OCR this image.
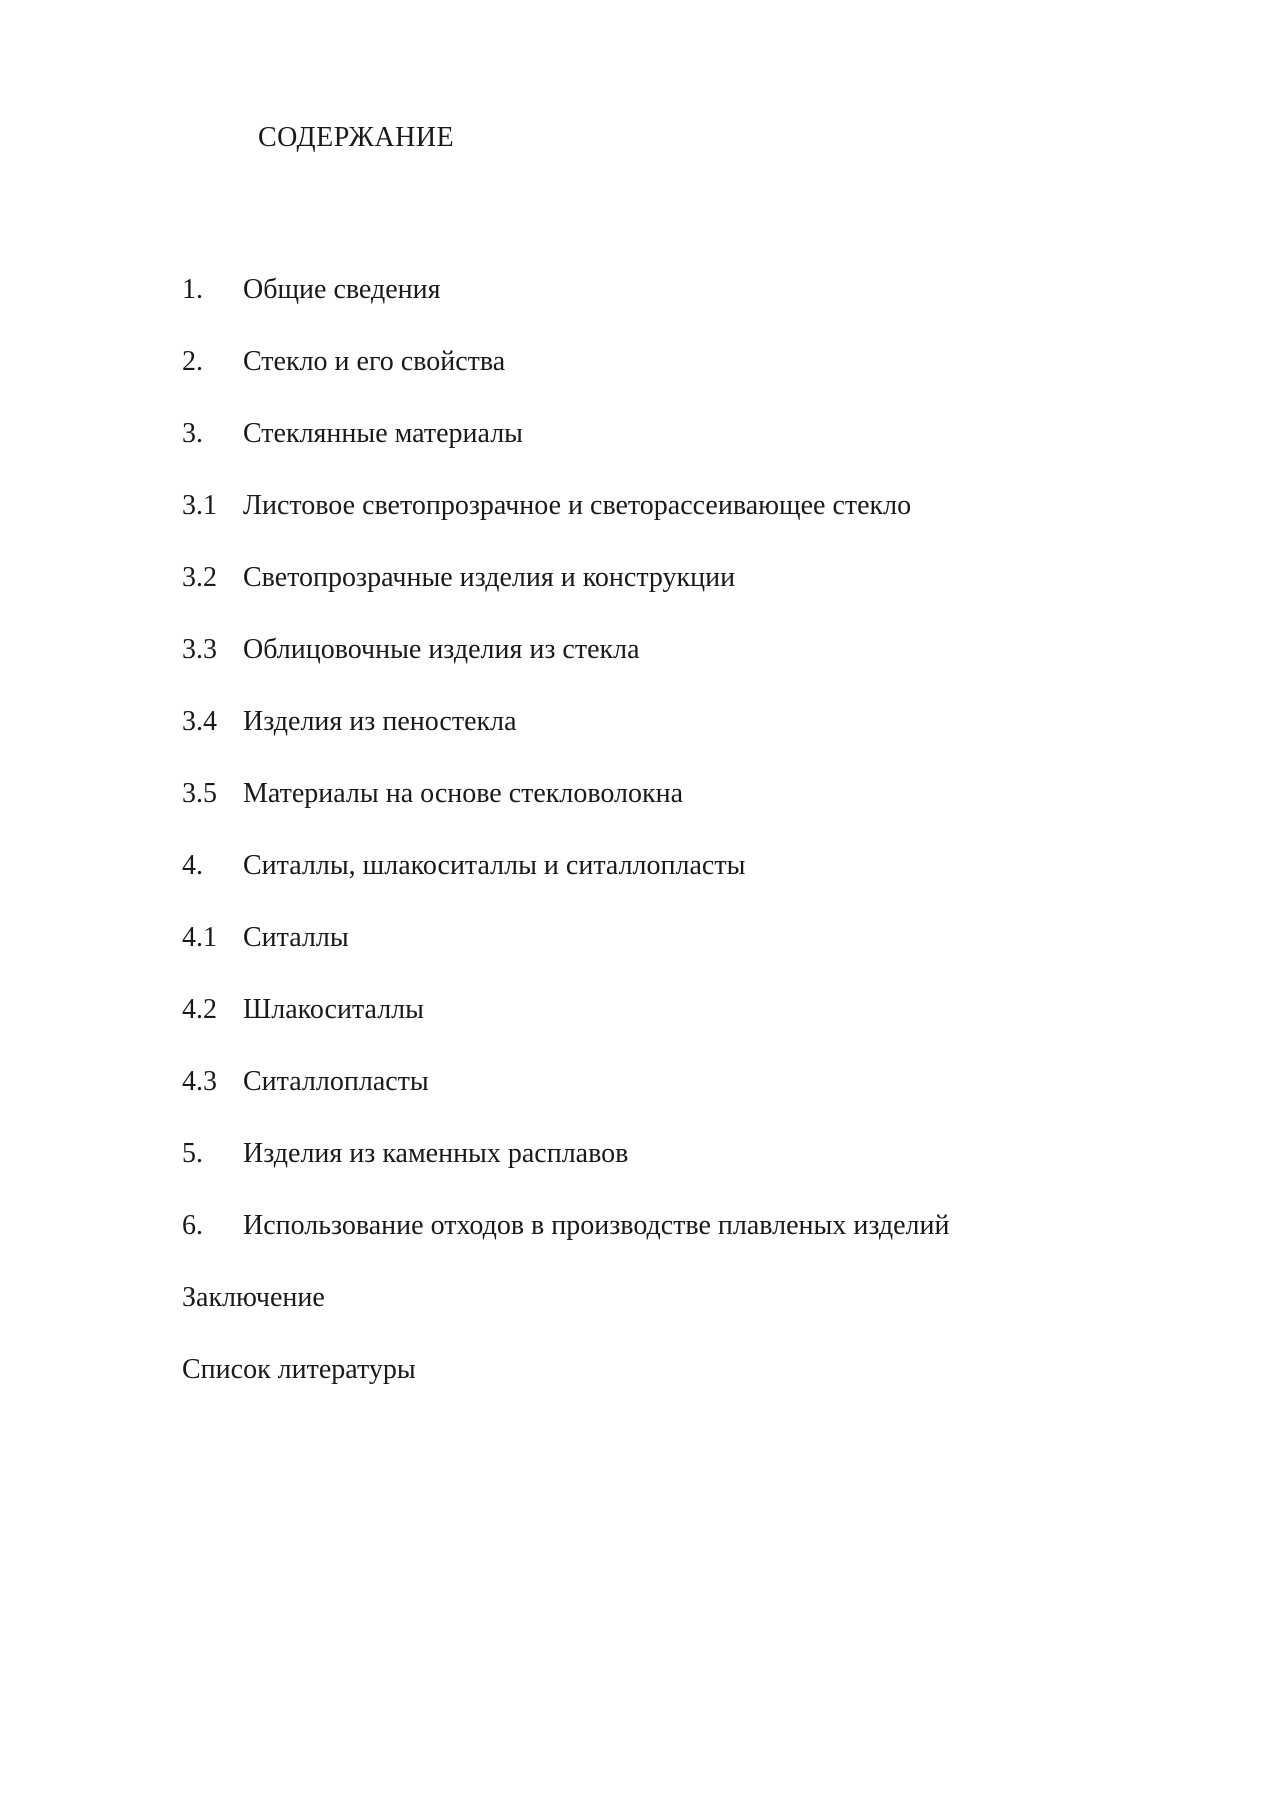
СОДЕРЖАНИЕ
1.	Общие сведения
2.	Стекло и его свойства
3.	Стеклянные материалы
3.1 Листовое светопрозрачное и светорассеивающее стекло
3.2 Светопрозрачные изделия и конструкции
3.3 Облицовочные изделия из стекла
3.4 Изделия из пеностекла
3.5 Материалы на основе стекловолокна
4.	Ситаллы, шлакоситаллы и ситаллопласты
4.1 Ситаллы
4.2 Шлакоситаллы
4.3 Ситаллопласты
5.	Изделия из каменных расплавов
6.	Использование отходов в производстве плавленых изделий
Заключение
Список литературы
